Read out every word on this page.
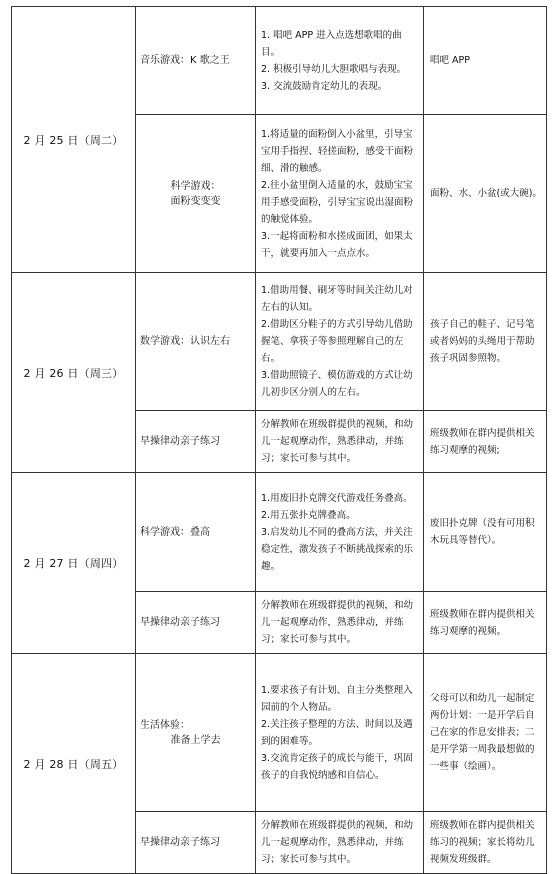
2 月 25 日（周二）	音乐游戏：K 歌之王	1. 唱吧 APP 进入点选想歌唱的曲目。
2. 积极引导幼儿大胆歌唱与表现。
3. 交流鼓励肯定幼儿的表现。	唱吧 APP

	科学游戏：
面粉变变变	1.将适量的面粉倒入小盆里，引导宝宝用手指捏、轻搓面粉，感受干面粉细、滑的触感。
2.往小盆里倒入适量的水，鼓励宝宝用手感受面粉，引导宝宝说出湿面粉的触觉体验。
3.一起将面粉和水搓成面团，如果太干，就要再加入一点点水。	面粉、水、小盆(或大碗)。
2 月 26 日（周三）	数学游戏：认识左右	1.借助用餐、刷牙等时间关注幼儿对左右的认知。
2.借助区分鞋子的方式引导幼儿借助握笔、拿筷子等参照理解自己的左右。
3.借助照镜子、模仿游戏的方式让幼儿初步区分别人的左右。	孩子自己的鞋子、记号笔或者妈妈的头绳用于帮助孩子巩固参照物。
	早操律动亲子练习	分解教师在班级群提供的视频，和幼儿一起观摩动作，熟悉律动，并练习；家长可参与其中。	班级教师在群内提供相关练习观摩的视频;
2 月 27 日（周四）	科学游戏：叠高	1.用废旧扑克牌交代游戏任务叠高。
2.用五张扑克牌叠高。
3.启发幼儿不同的叠高方法，并关注稳定性，激发孩子不断挑战探索的乐趣。	废旧扑克牌（没有可用积木玩具等替代）。
	早操律动亲子练习	分解教师在班级群提供的视频，和幼儿一起观摩动作，熟悉律动，并练习；家长可参与其中。	班级教师在群内提供相关练习观摩的视频。
2 月 28 日（周五）	生活体验：
准备上学去	1.要求孩子有计划、自主分类整理入园前的个人物品。
2.关注孩子整理的方法、时间以及遇到的困难等。
3.交流肯定孩子的成长与能干，巩固孩子的自我悦纳感和自信心。	父母可以和幼儿一起制定两份计划：一是开学后自己在家的作息安排表；二是开学第一周我最想做的一些事（绘画）。
	早操律动亲子练习	分解教师在班级群提供的视频，和幼儿一起观摩动作，熟悉律动，并练习；家长可参与其中。	班级教师在群内提供相关练习的视频；家长将幼儿视频发班级群。
